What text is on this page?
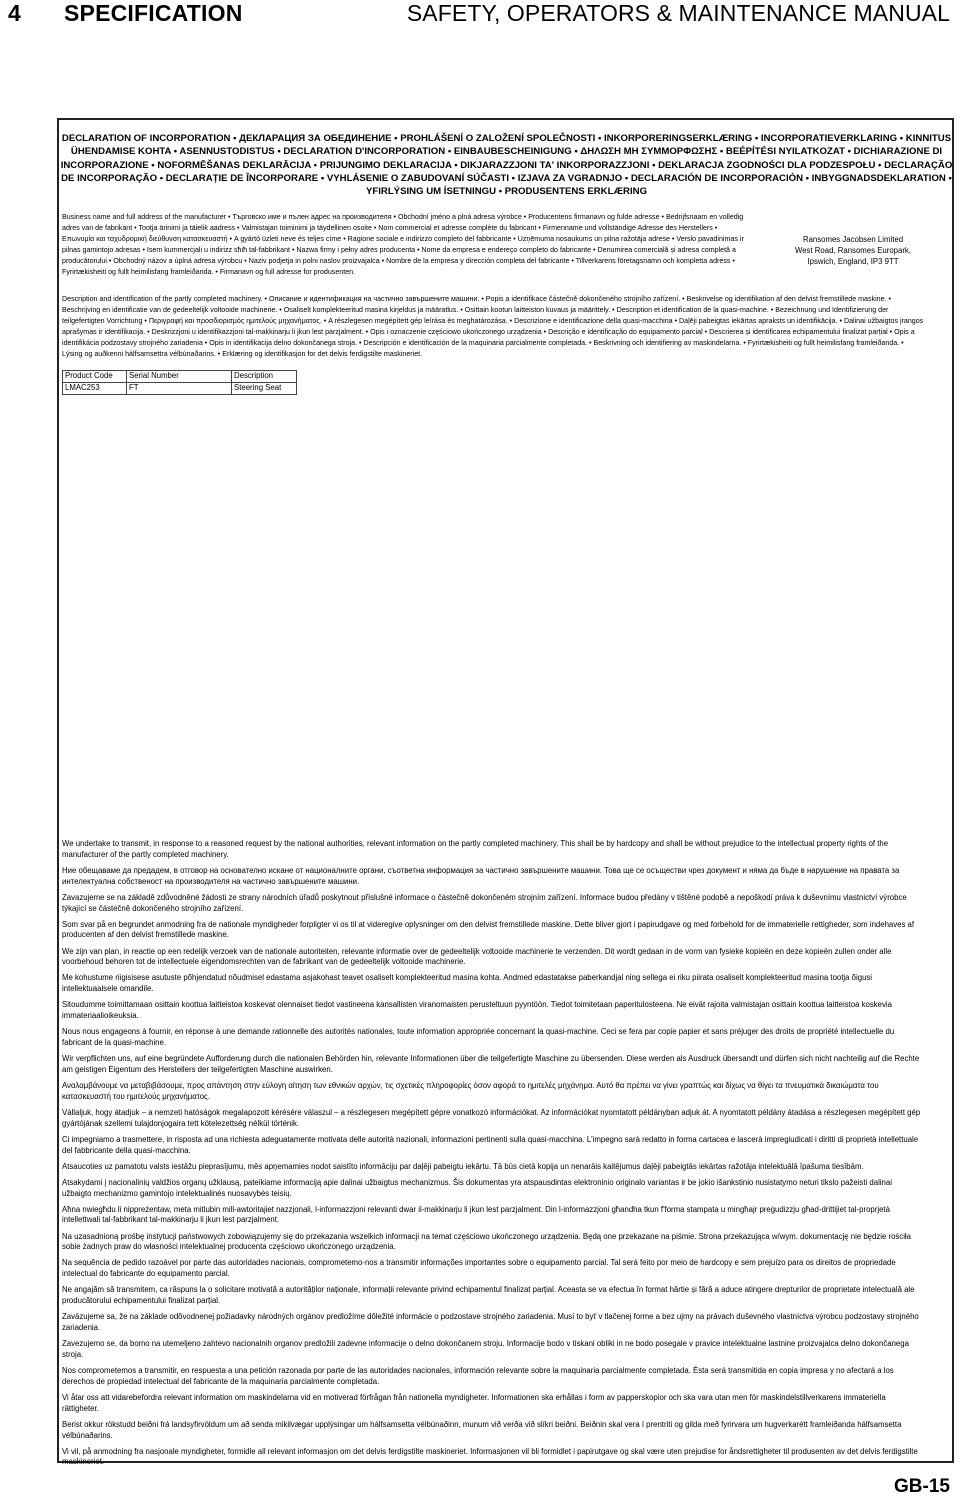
4 SPECIFICATION	SAFETY, OPERATORS & MAINTENANCE MANUAL
DECLARATION OF INCORPORATION • ДЕКЛАРАЦИЯ ЗА ОБЕДИНЕНИЕ • PROHLÁŠENÍ O ZALOŽENÍ SPOLEČNOSTI • INKORPORERINGSERKLÆRING • INCORPORATIEVERKLARING • KINNITUS ÜHENDAMISE KOHTA • ASENNUSTODISTUS • DECLARATION D'INCORPORATION • EINBAUBESCHEINIGUNG • ΔΗΛΩΣΗ ΜΗ ΣΥΜΜΟΡΦΩΣΗΣ • BEÉPÍTÉSI NYILATKOZAT • DICHIARAZIONE DI INCORPORAZIONE • NOFORMĒŠANAS DEKLARĀCIJA • PRIJUNGIMO DEKLARACIJA • DIKJARAZZJONI TA' INKORPORAZZJONI • DEKLARACJA ZGODNOŚCI DLA PODZESPOŁU • DECLARAÇÃO DE INCORPORAÇÃO • DECLARAȚIE DE ÎNCORPORARE • VYHLÁSENIE O ZABUDOVANÍ SÚČASTI • IZJAVA ZA VGRADNJO • DECLARACIÓN DE INCORPORACIÓN • INBYGGNADSDEKLARATION • YFIRLÝSING UM ÍSETNINGU • PRODUSENTENS ERKLÆRING
Business name and full address of the manufacturer • Търговско име и пълен адрес на производителя • Obchodní jméno a plná adresa výrobce • Producentens firmanavn og fulde adresse • Bedrijfsnaam en volledig adres van de fabrikant • Tootja ärinimi ja täielik aadress • Valmistajan toiminimi ja täydellinen osoite • Nom commercial et adresse complète du fabricant • Firmenname und vollständige Adresse des Herstellers • Επωνυμία και ταχυδρομική διεύθυνση κατασκευαστή • A gyártó üzleti neve és teljes címe • Ragione sociale e indirizzo completo del fabbricante • Uzņēmuma nosaukums un pilna ražotāja adrese • Verslo pavadinimas ir pilnas gamintojo adresas • Isem kummerċjali u indirizz sħiħ tal-fabbrikant • Nazwa firmy i pełny adres producenta • Nome da empresa e endereço completo do fabricante • Denumirea comercială și adresa completă a producătorului • Obchodný názov a úplná adresa výrobcu • Naziv podjetja in polni naslov proizvajalca • Nombre de la empresa y dirección completa del fabricante • Tillverkarens företagsnamn och kompletta adress • Fyrirtækisheiti og fullt heimilisfang framleiðanda. • Firmanavn og full adresse for produsenten.
Ransomes Jacobsen Limited
West Road, Ransomes Europark,
Ipswich, England, IP3 9TT
Description and identification of the partly completed machinery. • Описание и идентификация на частично завършените машини. • Popis a identifikace částečně dokončeného strojního zařízení. • Beskrivelse og identifikation af den delvist fremstillede maskine. • Beschrijving en identificatie van de gedeeltelijk voltooide machinerie. • Osaliselt komplekteeritud masina kirjeldus ja määratlus. • Osittain kootun laitteiston kuvaus ja määrittely. • Description et identification de la quasi-machine. • Bezeichnung und Identifizierung der teilgefertigten Vorrichtung • Περιγραφή και προσδιορισμός ημιτελούς μηχανήματος. • A részlegesen megépített gép leírása és meghatározása. • Descrizione e identificazione della quasi-macchina • Daļēji pabeigtas iekārtas apraksts un identifikācija. • Dalinai užbaigtos įrangos aprašymas ir identifikacija. • Deskrizzjoni u identifikazzjoni tal-makkinarju li jkun lest parzjalment. • Opis i oznaczenie częściowo ukończonego urządzenia • Descrição e identificação do equipamento parcial • Descrierea și identificarea echipamentului finalizat parțial • Opis a identifikácia podzostavy strojného zariadenia • Opis in identifikacija delno dokončanega stroja. • Descripción e identificación de la maquinaria parcialmente completada. • Beskrivning och identifiering av maskindelarna. • Fyrirtækisheiti og fullt heimilisfang framleiðanda. • Lýsing og auðkenni hálfsamsettra vélbúnaðarins. • Erklæring og identifikasjon for det delvis ferdigstilte maskineriet.
Product Code	Serial Number	Description
LMAC253	FT	Steering Seat

We undertake to transmit, in response to a reasoned request by the national authorities, relevant information on the partly completed machinery. This shall be by hardcopy and shall be without prejudice to the intellectual property rights of the manufacturer of the partly completed machinery.

Ние обещаваме да предадем, в отговор на основателно искане от националните органи, съответна информация за частично завършените машини. Това ще се осъществи чрез документ и няма да бъде в нарушение на правата за интелектуална собственост на производителя на частично завършените машини.

Zavazujeme se na základě zdůvodněné žádosti ze strany národních úřadů poskytnout příslušné informace o částečně dokončeném strojním zařízení. Informace budou předány v tištěné podobě a nepoškodí práva k duševnímu vlastnictví výrobce týkající se částečně dokončeného strojního zařízení.

Som svar på en begrundet anmodning fra de nationale myndigheder forpligter vi os til at videregive oplysninger om den delvist fremstillede maskine. Dette bliver gjort i papirudgave og med forbehold for de immaterielle rettigheder, som indehaves af producenten af den delvist fremstillede maskine.

We zijn van plan, in reactie op een redelijk verzoek van de nationale autoriteiten, relevante informatie over de gedeeltelijk voltooide machinerie te verzenden. Dit wordt gedaan in de vorm van fysieke kopieën en deze kopieën zullen onder alle voorbehoud behoren tot de intellectuele eigendomsrechten van de fabrikant van de gedeeltelijk voltooide machinerie.

Me kohustume riigisisese asutuste põhjendatud nõudmisel edastama asjakohast teavet osaliselt komplekteeritud masina kohta. Andmed edastatakse paberkandjal ning sellega ei riku piirata osaliselt komplekteeritud masina tootja õigusi intellektuaalsele omandile.

Sitoudumme toimittamaan osittain koottua laitteistoa koskevat olennaiset tiedot vastineena kansallisten viranomaisten perusteltuun pyyntöön. Tiedot toimitetaan paperitulosteena. Ne eivät rajoita valmistajan osittain koottua laitteistoa koskevia immateriaalioikeuksia.

Nous nous engageons à fournir, en réponse à une demande rationnelle des autorités nationales, toute information appropriée concernant la quasi-machine. Ceci se fera par copie papier et sans préjuger des droits de propriété intellectuelle du fabricant de la quasi-machine.

Wir verpflichten uns, auf eine begründete Aufforderung durch die nationalen Behörden hin, relevante Informationen über die teilgefertigte Maschine zu übersenden. Diese werden als Ausdruck übersandt und dürfen sich nicht nachteilig auf die Rechte am geistigen Eigentum des Herstellers der teilgefertigten Maschine auswirken.

Αναλαμβάνουμε να μεταβιβάσουμε, προς απάντηση στην εύλογη αίτηση των εθνικών αρχών, τις σχετικές πληροφορίες όσον αφορά το ημιτελές μηχάνημα. Αυτό θα πρέπει να γίνει γραπτώς και δίχως να θίγει τα πνευματικά δικαιώματα του κατασκευαστή του ημιτελούς μηχανήματος.

Vállaljuk, hogy átadjuk – a nemzeti hatóságok megalapozott kérésére válaszul – a részlegesen megépített gépre vonatkozó információkat. Az információkat nyomtatott példányban adjuk át. A nyomtatott példány átadása a részlegesen megépített gép gyártójának szellemi tulajdonjogaira tett kötelezettség nélkül történik.

Ci impegniamo a trasmettere, in risposta ad una richiesta adeguatamente motivata delle autorità nazionali, informazioni pertinenti sulla quasi-macchina. L'impegno sarà redatto in forma cartacea e lascerà impregiudicati i diritti di proprietà intellettuale del fabbricante della quasi-macchina.

Atsaucoties uz pamatotu valsts iestāžu pieprasījumu, mēs apņemamies nodot saistīto informāciju par daļēji pabeigtu iekārtu. Tā būs cietā kopija un nenarāis kaitējumus daļēji pabeigtās iekārtas ražotāja intelektuālā īpašuma tiesībām.

Atsakydami į nacionalinių valdžios organų užklausą, pateikiame informaciją apie dalinai užbaigtus mechanizmus. Šis dokumentas yra atspausdintas elektroninio originalo variantas ir be jokio išankstinio nusistatymo neturi tikslo pažeisti dalinai užbaigto mechanizmo gamintojo intelektualinės nuosavybės teisių.

Aħna nwiegħdu li nippreżentaw, meta mitlubin mill-awtoritajiet nazzjonali, l-informazzjoni relevanti dwar il-makkinarju li jkun lest parzjalment. Din l-informazzjoni għandha tkun f'forma stampata u mingħajr preġudizzju għad-drittijiet tal-proprjetà intellettwali tal-fabbrikant tal-makkinarju li jkun lest parzjalment.

Na uzasadnioną prośbę instytucji państwowych zobowiązujemy się do przekazania wszelkich informacji na temat częściowo ukończonego urządzenia. Będą one przekazane na piśmie. Strona przekazująca w/wym. dokumentację nie będzie rościła sobie żadnych praw do własności intelektualnej producenta częściowo ukończonego urządzenia.

Na sequência de pedido razoável por parte das autoridades nacionais, comprometemo-nos a transmitir informações importantes sobre o equipamento parcial. Tal será feito por meio de hardcopy e sem prejuízo para os direitos de propriedade intelectual do fabricante do equipamento parcial.

Ne angajăm să transmitem, ca răspuns la o solicitare motivată a autorităților naționale, informații relevante privind echipamentul finalizat parțial. Aceasta se va efectua în format hârtie și fără a aduce atingere drepturilor de proprietate intelectuală ale producătorului echipamentului finalizat parțial.

Zaväzujeme sa, že na základe odôvodnenej požiadavky národných orgánov predložíme dôležité informácie o podzostave strojného zariadenia. Musí to byť v tlačenej forme a bez ujmy na právach duševného vlastníctva výrobcu podzostavy strojného zariadenia.

Zavezujemo se, da bomo na utemeljeno zahtevo nacionalnih organov predložili zadevne informacije o delno dokončanem stroju. Informacije bodo v tiskani obliki in ne bodo posegale v pravice intelektualne lastnine proizvajalca delno dokončanega stroja.

Nos comprometemos a transmitir, en respuesta a una petición razonada por parte de las autoridades nacionales, información relevante sobre la maquinaria parcialmente completada. Ésta será transmitida en copia impresa y no afectará a los derechos de propiedad intelectual del fabricante de la maquinaria parcialmente completada.

Vi åtar oss att vidarebefordra relevant information om maskindelarna vid en motiverad förfrågan från nationella myndigheter. Informationen ska erhållas i form av papperskopior och ska vara utan men för maskindelstillverkarens immateriella rättigheter.

Berist okkur rökstudd beiðni frá landsyfirvöldum um að senda mikilvægar upplýsingar um hálfsamsetta vélbúnaðinn, munum við verða við slíkri beiðni. Beiðnin skal vera í prentriti og gilda með fyrirvara um hugverkarétt framleiðanda hálfsamsetta vélbúnaðarins.

Vi vil, på anmodning fra nasjonale myndigheter, formidle all relevant informasjon om det delvis ferdigstilte maskineriet. Informasjonen vil bli formidlet i papirutgave og skal være uten prejudise for åndsrettigheter til produsenten av det delvis ferdigstilte maskineriet.

GB-15
